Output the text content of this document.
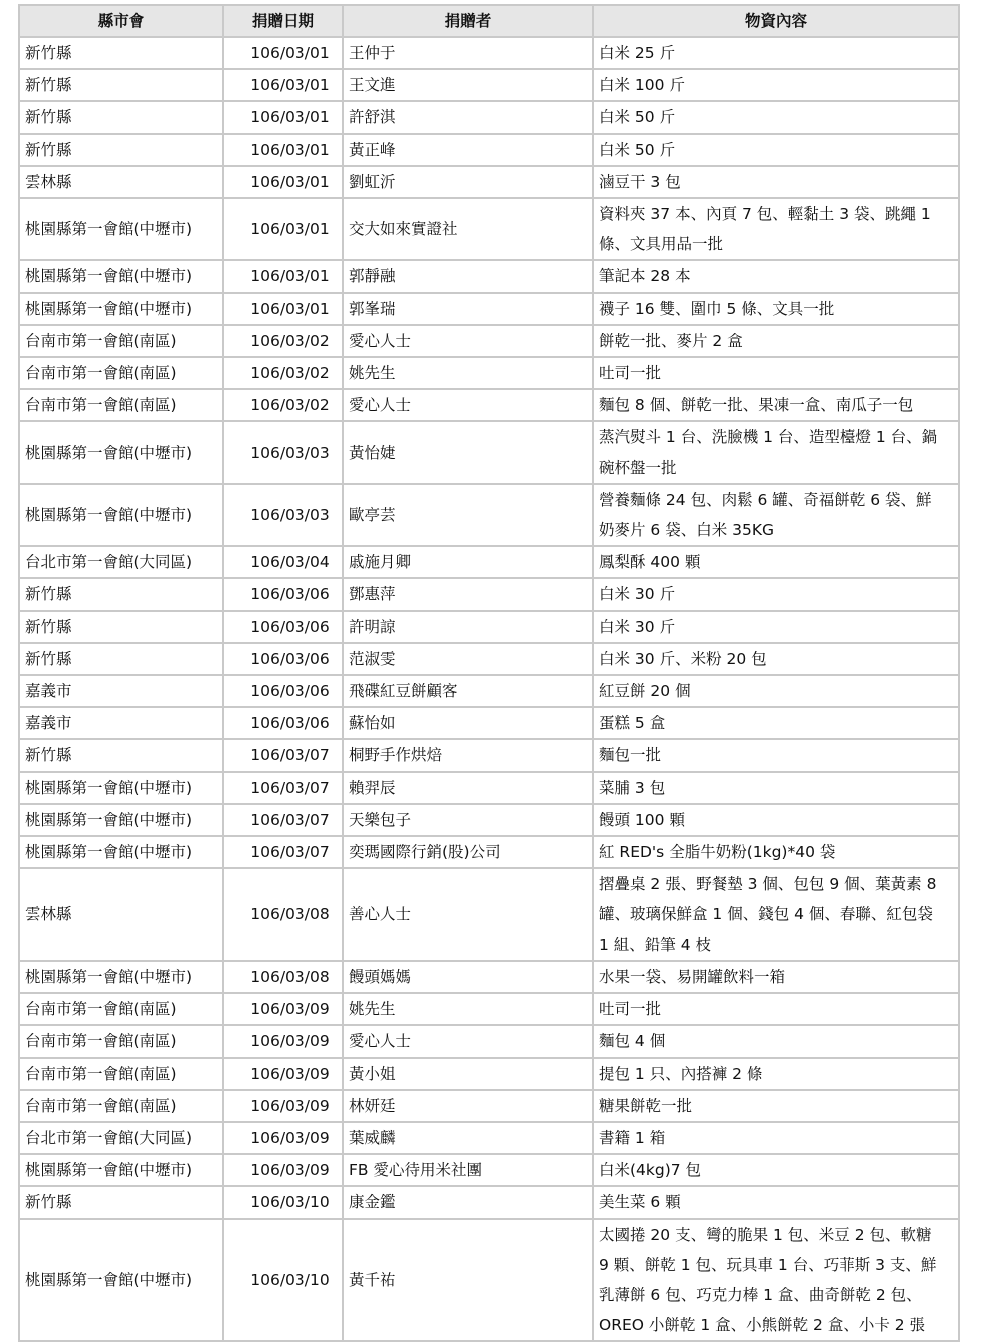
縣市會	捐贈日期	捐贈者	物資內容
新竹縣	106/03/01	王仲于	白米 25 斤

新竹縣	106/03/01	王文進	白米 100 斤

新竹縣	106/03/01	許舒淇	白米 50 斤

新竹縣	106/03/01	黃正峰	白米 50 斤

雲林縣	106/03/01	劉虹沂	滷豆干 3 包

桃園縣第一會館(中壢市)	106/03/01	交大如來實證社	資料夾 37 本、內頁 7 包、輕黏土 3 袋、跳繩 1
條、文具用品一批

桃園縣第一會館(中壢市)	106/03/01	郭靜融	筆記本 28 本

桃園縣第一會館(中壢市)	106/03/01	郭峯瑞	襪子 16 雙、圍巾 5 條、文具一批

台南市第一會館(南區)	106/03/02	愛心人士	餅乾一批、麥片 2 盒

台南市第一會館(南區)	106/03/02	姚先生	吐司一批

台南市第一會館(南區)	106/03/02	愛心人士	麵包 8 個、餅乾一批、果凍一盒、南瓜子一包

桃園縣第一會館(中壢市)	106/03/03	黃怡婕	蒸汽熨斗 1 台、洗臉機 1 台、造型檯燈 1 台、鍋
碗杯盤一批

桃園縣第一會館(中壢市)	106/03/03	歐亭芸	營養麵條 24 包、肉鬆 6 罐、奇福餅乾 6 袋、鮮
奶麥片 6 袋、白米 35KG

台北市第一會館(大同區)	106/03/04	戚施月卿	鳳梨酥 400 顆

新竹縣	106/03/06	鄧惠萍	白米 30 斤

新竹縣	106/03/06	許明諒	白米 30 斤

新竹縣	106/03/06	范淑雯	白米 30 斤、米粉 20 包

嘉義市	106/03/06	飛碟紅豆餅顧客	紅豆餅 20 個

嘉義市	106/03/06	蘇怡如	蛋糕 5 盒

新竹縣	106/03/07	桐野手作烘焙	麵包一批

桃園縣第一會館(中壢市)	106/03/07	賴羿辰	菜脯 3 包

桃園縣第一會館(中壢市)	106/03/07	天樂包子	饅頭 100 顆

桃園縣第一會館(中壢市)	106/03/07	奕瑪國際行銷(股)公司	紅 RED's 全脂牛奶粉(1kg)*40 袋

雲林縣	106/03/08	善心人士	摺疊桌 2 張、野餐墊 3 個、包包 9 個、葉黃素 8
罐、玻璃保鮮盒 1 個、錢包 4 個、春聯、紅包袋
1 組、鉛筆 4 枝

桃園縣第一會館(中壢市)	106/03/08	饅頭媽媽	水果一袋、易開罐飲料一箱

台南市第一會館(南區)	106/03/09	姚先生	吐司一批

台南市第一會館(南區)	106/03/09	愛心人士	麵包 4 個

台南市第一會館(南區)	106/03/09	黃小姐	提包 1 只、內搭褲 2 條

台南市第一會館(南區)	106/03/09	林妍廷	糖果餅乾一批

台北市第一會館(大同區)	106/03/09	葉威麟	書籍 1 箱

桃園縣第一會館(中壢市)	106/03/09	FB 愛心待用米社團	白米(4kg)7 包

新竹縣	106/03/10	康金鑑	美生菜 6 顆

桃園縣第一會館(中壢市)	106/03/10	黃千祐	太國捲 20 支、彎的脆果 1 包、米豆 2 包、軟糖
9 顆、餅乾 1 包、玩具車 1 台、巧菲斯 3 支、鮮
乳薄餅 6 包、巧克力棒 1 盒、曲奇餅乾 2 包、
OREO 小餅乾 1 盒、小熊餅乾 2 盒、小卡 2 張
